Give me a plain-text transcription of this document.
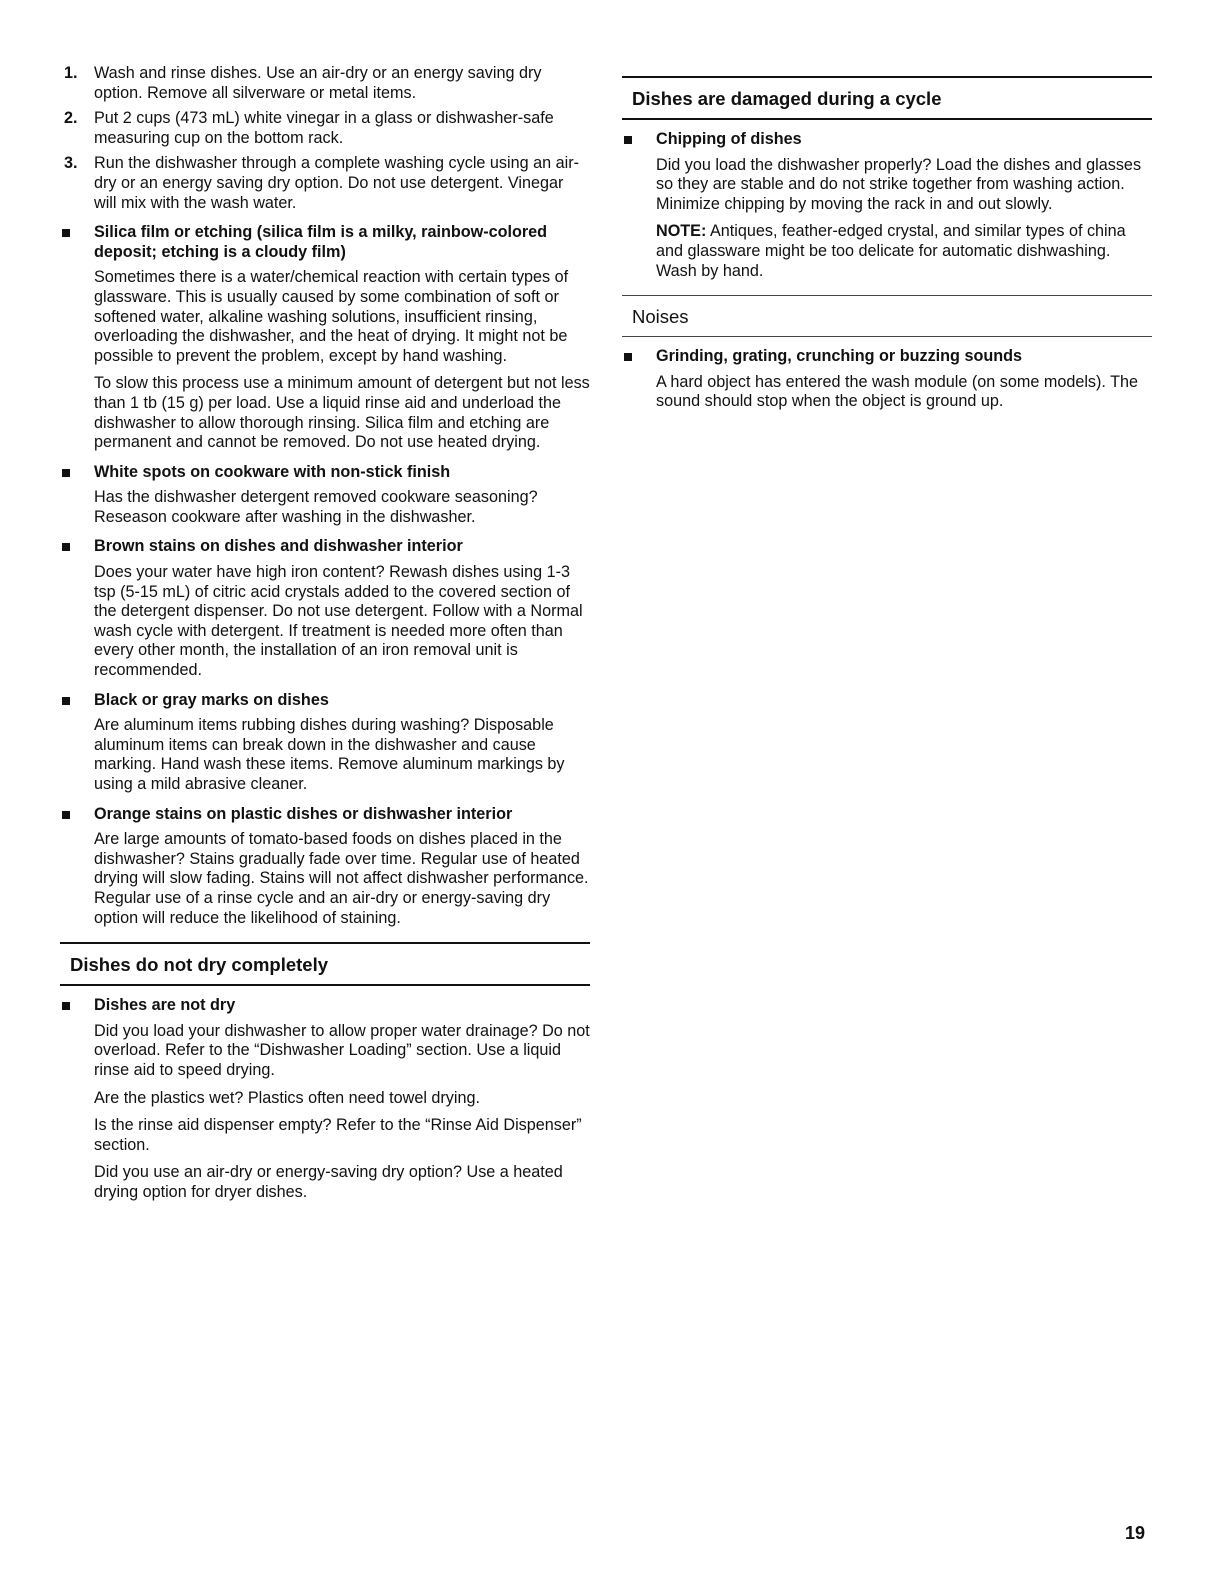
1. Wash and rinse dishes. Use an air-dry or an energy saving dry option. Remove all silverware or metal items.
2. Put 2 cups (473 mL) white vinegar in a glass or dishwasher-safe measuring cup on the bottom rack.
3. Run the dishwasher through a complete washing cycle using an air-dry or an energy saving dry option. Do not use detergent. Vinegar will mix with the wash water.

Silica film or etching (silica film is a milky, rainbow-colored deposit; etching is a cloudy film)

Sometimes there is a water/chemical reaction with certain types of glassware. This is usually caused by some combination of soft or softened water, alkaline washing solutions, insufficient rinsing, overloading the dishwasher, and the heat of drying. It might not be possible to prevent the problem, except by hand washing.

To slow this process use a minimum amount of detergent but not less than 1 tb (15 g) per load. Use a liquid rinse aid and underload the dishwasher to allow thorough rinsing. Silica film and etching are permanent and cannot be removed. Do not use heated drying.

White spots on cookware with non-stick finish

Has the dishwasher detergent removed cookware seasoning? Reseason cookware after washing in the dishwasher.

Brown stains on dishes and dishwasher interior

Does your water have high iron content? Rewash dishes using 1-3 tsp (5-15 mL) of citric acid crystals added to the covered section of the detergent dispenser. Do not use detergent. Follow with a Normal wash cycle with detergent. If treatment is needed more often than every other month, the installation of an iron removal unit is recommended.

Black or gray marks on dishes

Are aluminum items rubbing dishes during washing? Disposable aluminum items can break down in the dishwasher and cause marking. Hand wash these items. Remove aluminum markings by using a mild abrasive cleaner.

Orange stains on plastic dishes or dishwasher interior

Are large amounts of tomato-based foods on dishes placed in the dishwasher? Stains gradually fade over time. Regular use of heated drying will slow fading. Stains will not affect dishwasher performance. Regular use of a rinse cycle and an air-dry or energy-saving dry option will reduce the likelihood of staining.

Dishes do not dry completely

Dishes are not dry

Did you load your dishwasher to allow proper water drainage? Do not overload. Refer to the “Dishwasher Loading” section. Use a liquid rinse aid to speed drying.

Are the plastics wet? Plastics often need towel drying.

Is the rinse aid dispenser empty? Refer to the “Rinse Aid Dispenser” section.

Did you use an air-dry or energy-saving dry option? Use a heated drying option for dryer dishes.

Dishes are damaged during a cycle

Chipping of dishes

Did you load the dishwasher properly? Load the dishes and glasses so they are stable and do not strike together from washing action. Minimize chipping by moving the rack in and out slowly.

NOTE: Antiques, feather-edged crystal, and similar types of china and glassware might be too delicate for automatic dishwashing. Wash by hand.

Noises

Grinding, grating, crunching or buzzing sounds

A hard object has entered the wash module (on some models). The sound should stop when the object is ground up.

19
